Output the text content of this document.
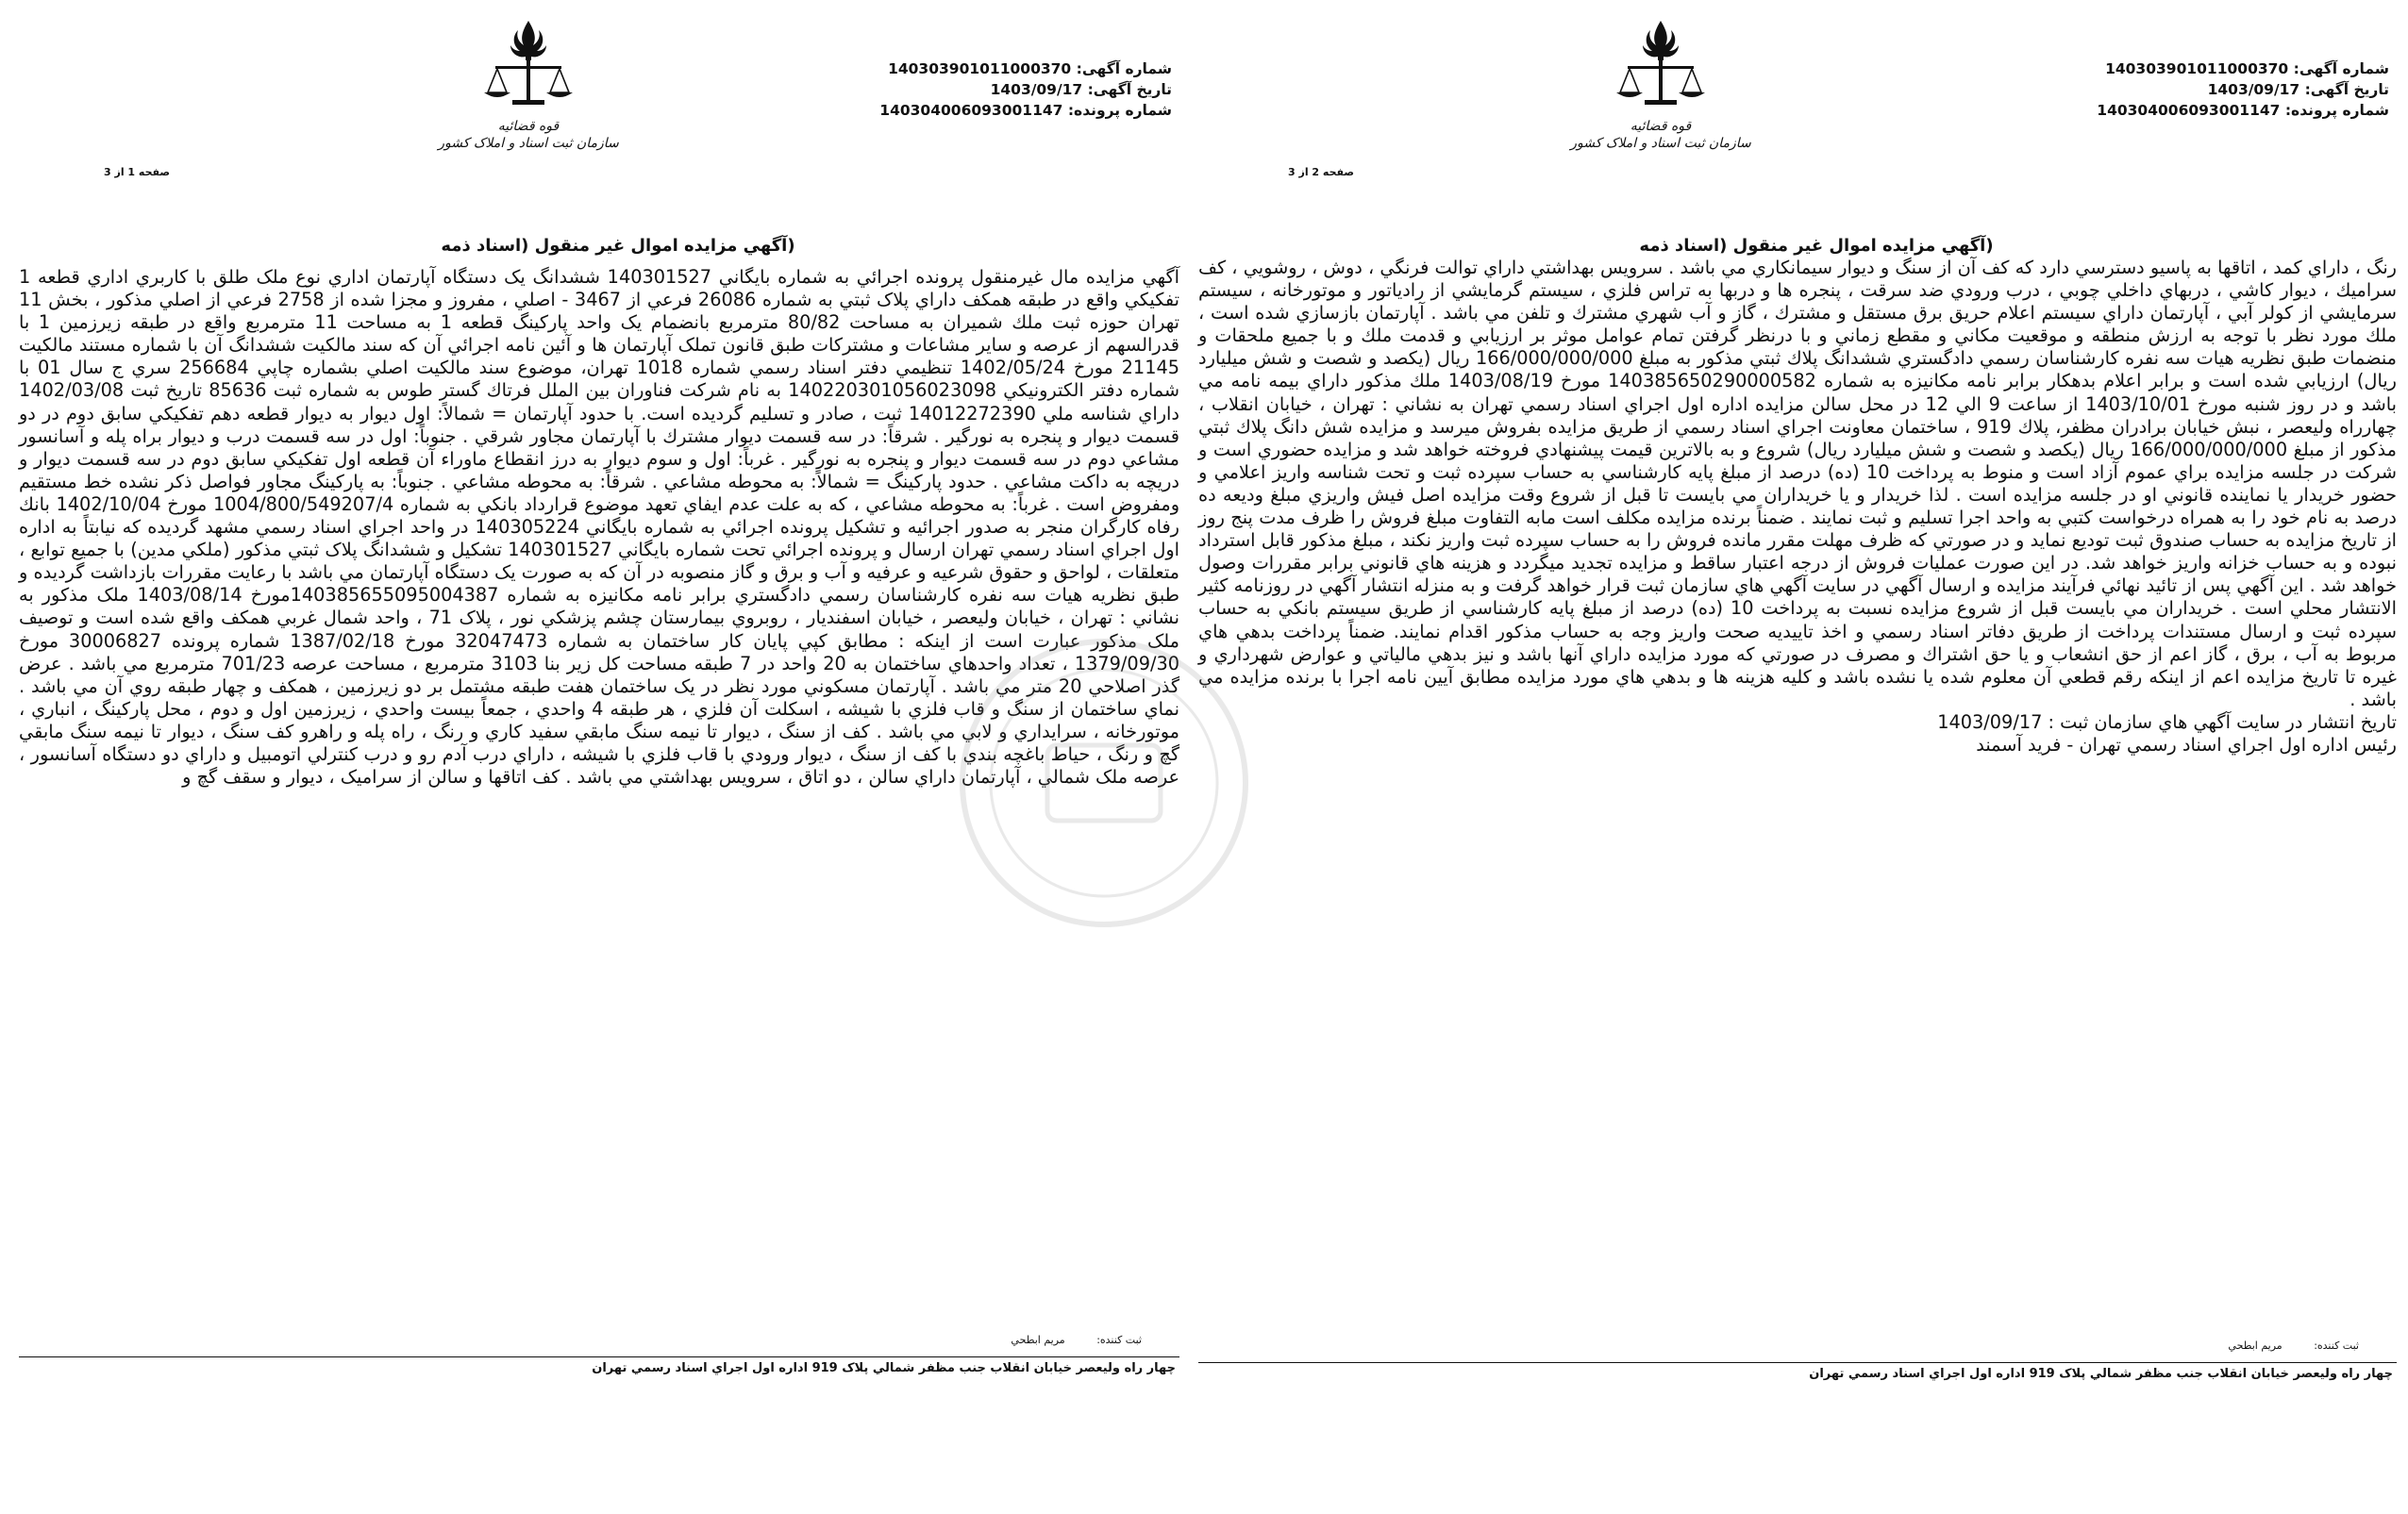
شماره آگهی: 140303901011000370
تاریخ آگهی: 1403/09/17
شماره پرونده: 140304006093001147
قوه قضائیه
سازمان ثبت اسناد و املاک کشور
صفحه 1 از 3
(آگهي مزايده اموال غير منقول (اسناد ذمه

آگهي مزايده مال غيرمنقول پرونده اجرائي به شماره بايگاني 140301527 ششدانگ يک دستگاه آپارتمان اداري نوع ملک طلق با کاربري اداري قطعه 1 تفکيکي واقع در طبقه همکف داراي پلاک ثبتي به شماره 26086 فرعي از 3467 - اصلي ، مفروز و مجزا شده از 2758 فرعي از اصلي مذکور ، بخش 11 تهران حوزه ثبت ملك شميران به مساحت 80/82 مترمربع بانضمام يک واحد پارکينگ قطعه 1 به مساحت 11 مترمربع واقع در طبقه زيرزمين 1 با قدرالسهم از عرصه و ساير مشاعات و مشترکات طبق قانون تملک آپارتمان ها و آئين نامه اجرائي آن که سند مالکيت ششدانگ آن با شماره مستند مالکيت 21145 مورخ 1402/05/24 تنظيمي دفتر اسناد رسمي شماره 1018 تهران، موضوع سند مالکيت اصلي بشماره چاپي 256684 سري ج سال 01 با شماره دفتر الکترونيکي 140220301056023098 به نام شرکت فناوران بين الملل فرتاك گستر طوس به شماره ثبت 85636 تاريخ ثبت 1402/03/08 داراي شناسه ملي 14012272390 ثبت ، صادر و تسليم گرديده است. با حدود آپارتمان = شمالاً: اول ديوار به ديوار قطعه دهم تفکيکي سابق دوم در دو قسمت ديوار و پنجره به نورگير . شرقاً: در سه قسمت ديوار مشترك با آپارتمان مجاور شرقي . جنوباً: اول در سه قسمت درب و ديوار براه پله و آسانسور مشاعي دوم در سه قسمت ديوار و پنجره به نورگير . غرباً: اول و سوم ديوار به درز انقطاع ماوراء آن قطعه اول تفکيکي سابق دوم در سه قسمت ديوار و دريچه به داکت مشاعي . حدود پارکينگ = شمالاً: به محوطه مشاعي . شرقاً: به محوطه مشاعي . جنوباً: به پارکينگ مجاور فواصل ذکر نشده خط مستقيم ومفروض است . غرباً: به محوطه مشاعي ، که به علت عدم ايفاي تعهد موضوع قرارداد بانکي به شماره 1004/800/549207/4 مورخ 1402/10/04 بانك رفاه کارگران منجر به صدور اجرائيه و تشکيل پرونده اجرائي به شماره بايگاني 140305224 در واحد اجراي اسناد رسمي مشهد گرديده که نيابتاً به اداره اول اجراي اسناد رسمي تهران ارسال و پرونده اجرائي تحت شماره بايگاني 140301527 تشکيل و ششدانگ پلاک ثبتي مذکور (ملکي مدين) با جميع توابع ، متعلقات ، لواحق و حقوق شرعيه و عرفيه و آب و برق و گاز منصوبه در آن كه به صورت يک دستگاه آپارتمان مي باشد با رعايت مقررات بازداشت گرديده و طبق نظريه هيات سه نفره كارشناسان رسمي دادگستري برابر نامه مكانيزه به شماره 140385655095004387مورخ 1403/08/14 ملک مذکور به نشاني : تهران ، خيابان وليعصر ، خيابان اسفنديار ، روبروي بيمارستان چشم پزشکي نور ، پلاک 71 ، واحد شمال غربي همکف واقع شده است و توصيف ملک مذکور عبارت است از اينکه : مطابق کپي پايان کار ساختمان به شماره 32047473 مورخ 1387/02/18 شماره پرونده 30006827 مورخ 1379/09/30 ، تعداد واحدهاي ساختمان به 20 واحد در 7 طبقه مساحت کل زير بنا 3103 مترمربع ، مساحت عرصه 701/23 مترمربع مي باشد . عرض گذر اصلاحي 20 متر مي باشد . آپارتمان مسکوني مورد نظر در يک ساختمان هفت طبقه مشتمل بر دو زيرزمين ، همکف و چهار طبقه روي آن مي باشد . نماي ساختمان از سنگ و قاب فلزي با شيشه ، اسکلت آن فلزي ، هر طبقه 4 واحدي ، جمعاً بيست واحدي ، زيرزمين اول و دوم ، محل پارکينگ ، انباري ، موتورخانه ، سرايداري و لابي مي باشد . كف از سنگ ، ديوار تا نيمه سنگ مابقي سفيد كاري و رنگ ، راه پله و راهرو كف سنگ ، ديوار تا نيمه سنگ مابقي گچ و رنگ ، حياط باغچه بندي با كف از سنگ ، ديوار ورودي با قاب فلزي با شيشه ، داراي درب آدم رو و درب كنترلي اتومبيل و داراي دو دستگاه آسانسور ، عرصه ملک شمالي ، آپارتمان داراي سالن ، دو اتاق ، سرويس بهداشتي مي باشد . کف اتاقها و سالن از سراميک ، ديوار و سقف گچ و

ثبت کننده: مریم ابطحي
چهار راه وليعصر خيابان انقلاب جنب مظفر شمالي پلاک 919 اداره اول اجراي اسناد رسمي تهران
شماره آگهی: 140303901011000370
تاریخ آگهی: 1403/09/17
شماره پرونده: 140304006093001147
قوه قضائیه
سازمان ثبت اسناد و املاک کشور
صفحه 2 از 3
(آگهي مزايده اموال غير منقول (اسناد ذمه

رنگ ، داراي كمد ، اتاقها به پاسيو دسترسي دارد كه كف آن از سنگ و ديوار سيمانكاري مي باشد . سرويس بهداشتي داراي توالت فرنگي ، دوش ، روشويي ، كف سراميك ، ديوار كاشي ، دربهاي داخلي چوبي ، درب ورودي ضد سرقت ، پنجره ها و دربها به تراس فلزي ، سيستم گرمايشي از رادياتور و موتورخانه ، سيستم سرمايشي از كولر آبي ، آپارتمان داراي سيستم اعلام حريق برق مستقل و مشترك ، گاز و آب شهري مشترك و تلفن مي باشد . آپارتمان بازسازي شده است ، ملك مورد نظر با توجه به ارزش منطقه و موقعيت مكاني و مقطع زماني و با درنظر گرفتن تمام عوامل موثر بر ارزيابي و قدمت ملك و با جميع ملحقات و منضمات طبق نظريه هيات سه نفره كارشناسان رسمي دادگستري ششدانگ پلاك ثبتي مذكور به مبلغ 166/000/000/000 ريال (يكصد و شصت و شش ميليارد ريال) ارزيابي شده است و برابر اعلام بدهكار برابر نامه مكانيزه به شماره 140385650290000582 مورخ 1403/08/19 ملك مذكور داراي بيمه نامه مي باشد و در روز شنبه مورخ 1403/10/01 از ساعت 9 الي 12 در محل سالن مزايده اداره اول اجراي اسناد رسمي تهران به نشاني : تهران ، خيابان انقلاب ، چهارراه وليعصر ، نبش خيابان برادران مظفر، پلاك 919 ، ساختمان معاونت اجراي اسناد رسمي از طريق مزايده بفروش ميرسد و مزايده شش دانگ پلاك ثبتي مذكور از مبلغ 166/000/000/000 ريال (يكصد و شصت و شش ميليارد ريال) شروع و به بالاترين قيمت پيشنهادي فروخته خواهد شد و مزايده حضوري است و شركت در جلسه مزايده براي عموم آزاد است و منوط به پرداخت 10 (ده) درصد از مبلغ پايه كارشناسي به حساب سپرده ثبت و تحت شناسه واريز اعلامي و حضور خريدار يا نماينده قانوني او در جلسه مزايده است . لذا خريدار و يا خريداران مي بايست تا قبل از شروع وقت مزايده اصل فيش واريزي مبلغ وديعه ده درصد به نام خود را به همراه درخواست كتبي به واحد اجرا تسليم و ثبت نمايند . ضمناً برنده مزايده مكلف است مابه التفاوت مبلغ فروش را ظرف مدت پنج روز از تاريخ مزايده به حساب صندوق ثبت توديع نمايد و در صورتي كه ظرف مهلت مقرر مانده فروش را به حساب سپرده ثبت واريز نكند ، مبلغ مذكور قابل استرداد نبوده و به حساب خزانه واريز خواهد شد. در اين صورت عمليات فروش از درجه اعتبار ساقط و مزايده تجديد ميگردد و هزينه هاي قانوني برابر مقررات وصول خواهد شد . اين آگهي پس از تائيد نهائي فرآيند مزايده و ارسال آگهي در سايت آگهي هاي سازمان ثبت قرار خواهد گرفت و به منزله انتشار آگهي در روزنامه كثير الانتشار محلي است . خريداران مي بايست قبل از شروع مزايده نسبت به پرداخت 10 (ده) درصد از مبلغ پايه كارشناسي از طريق سيستم بانكي به حساب سپرده ثبت و ارسال مستندات پرداخت از طريق دفاتر اسناد رسمي و اخذ تاييديه صحت واريز وجه به حساب مذكور اقدام نمايند. ضمناً پرداخت بدهي هاي مربوط به آب ، برق ، گاز اعم از حق انشعاب و يا حق اشتراك و مصرف در صورتي كه مورد مزايده داراي آنها باشد و نيز بدهي مالياتي و عوارض شهرداري و غيره تا تاريخ مزايده اعم از اينكه رقم قطعي آن معلوم شده يا نشده باشد و كليه هزينه ها و بدهي هاي مورد مزايده مطابق آيين نامه اجرا با برنده مزايده مي باشد .

تاريخ انتشار در سايت آگهي هاي سازمان ثبت : 1403/09/17

رئيس اداره اول اجراي اسناد رسمي تهران - فريد آسمند

ثبت کننده: مریم ابطحي
چهار راه وليعصر خيابان انقلاب جنب مظفر شمالي پلاک 919 اداره اول اجراي اسناد رسمي تهران
